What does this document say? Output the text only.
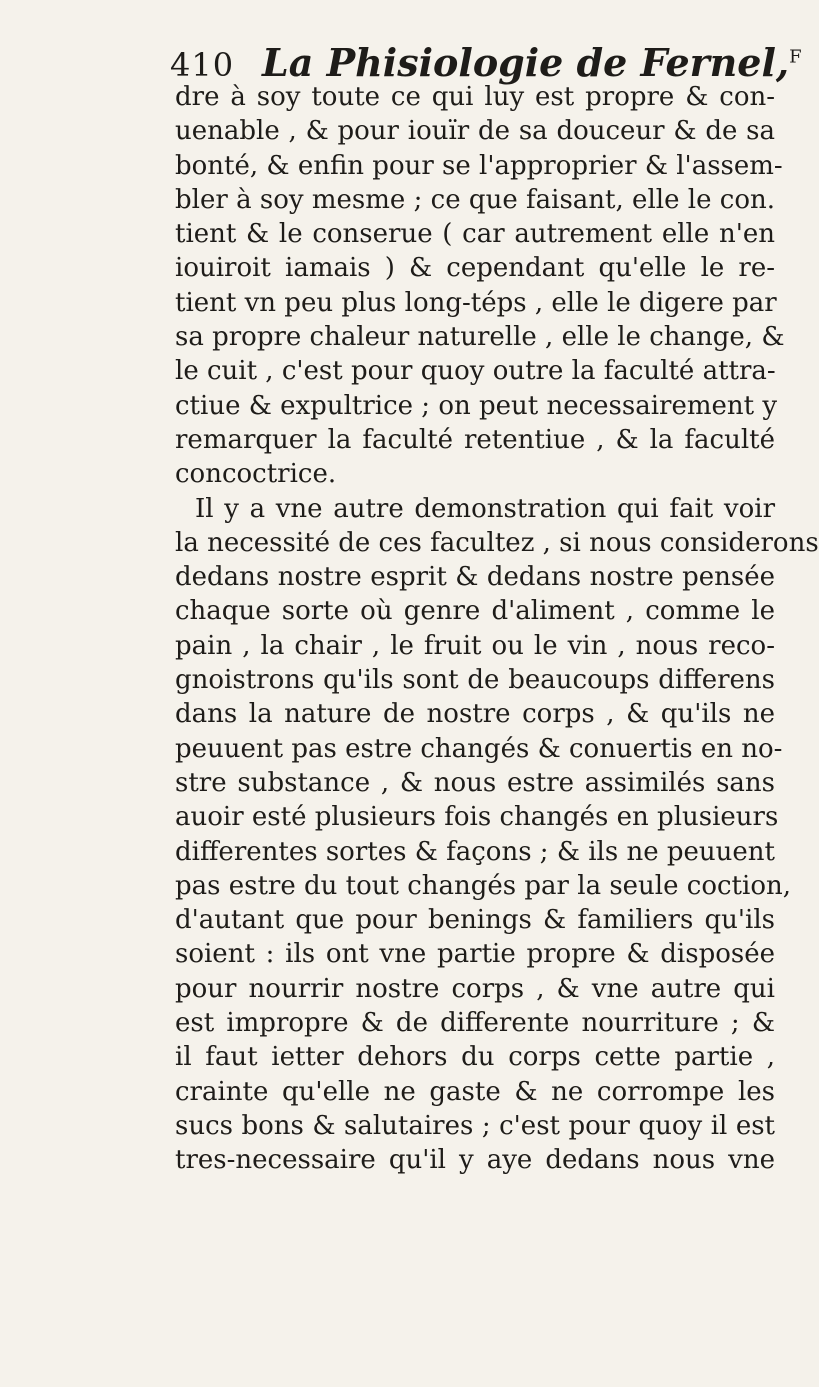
410 La Phisiologie de Fernel,$^F$
dre à soy toute ce qui luy est propre & con-
uenable , & pour iouïr de sa douceur & de sa
bonté, & enfin pour se l'approprier & l'assem-
bler à soy mesme ; ce que faisant, elle le con.
tient & le conserue ( car autrement elle n'en
iouiroit iamais ) & cependant qu'elle le re-
tient vn peu plus long-téps , elle le digere par
sa propre chaleur naturelle , elle le change, &
le cuit , c'est pour quoy outre la faculté attra-
ctiue & expultrice ; on peut necessairement y
remarquer la faculté retentiue , & la faculté
concoctrice.
Il y a vne autre demonstration qui fait voir
la necessité de ces facultez , si nous considerons
dedans nostre esprit & dedans nostre pensée
chaque sorte où genre d'aliment , comme le
pain , la chair , le fruit ou le vin , nous reco-
gnoistrons qu'ils sont de beaucoups differens
dans la nature de nostre corps , & qu'ils ne
peuuent pas estre changés & conuertis en no-
stre substance , & nous estre assimilés sans
auoir esté plusieurs fois changés en plusieurs
differentes sortes & façons ; & ils ne peuuent
pas estre du tout changés par la seule coction,
d'autant que pour benings & familiers qu'ils
soient : ils ont vne partie propre & disposée
pour nourrir nostre corps , & vne autre qui
est impropre & de differente nourriture ; &
il faut ietter dehors du corps cette partie ,
crainte qu'elle ne gaste & ne corrompe les
sucs bons & salutaires ; c'est pour quoy il est
tres-necessaire qu'il y aye dedans nous vne
